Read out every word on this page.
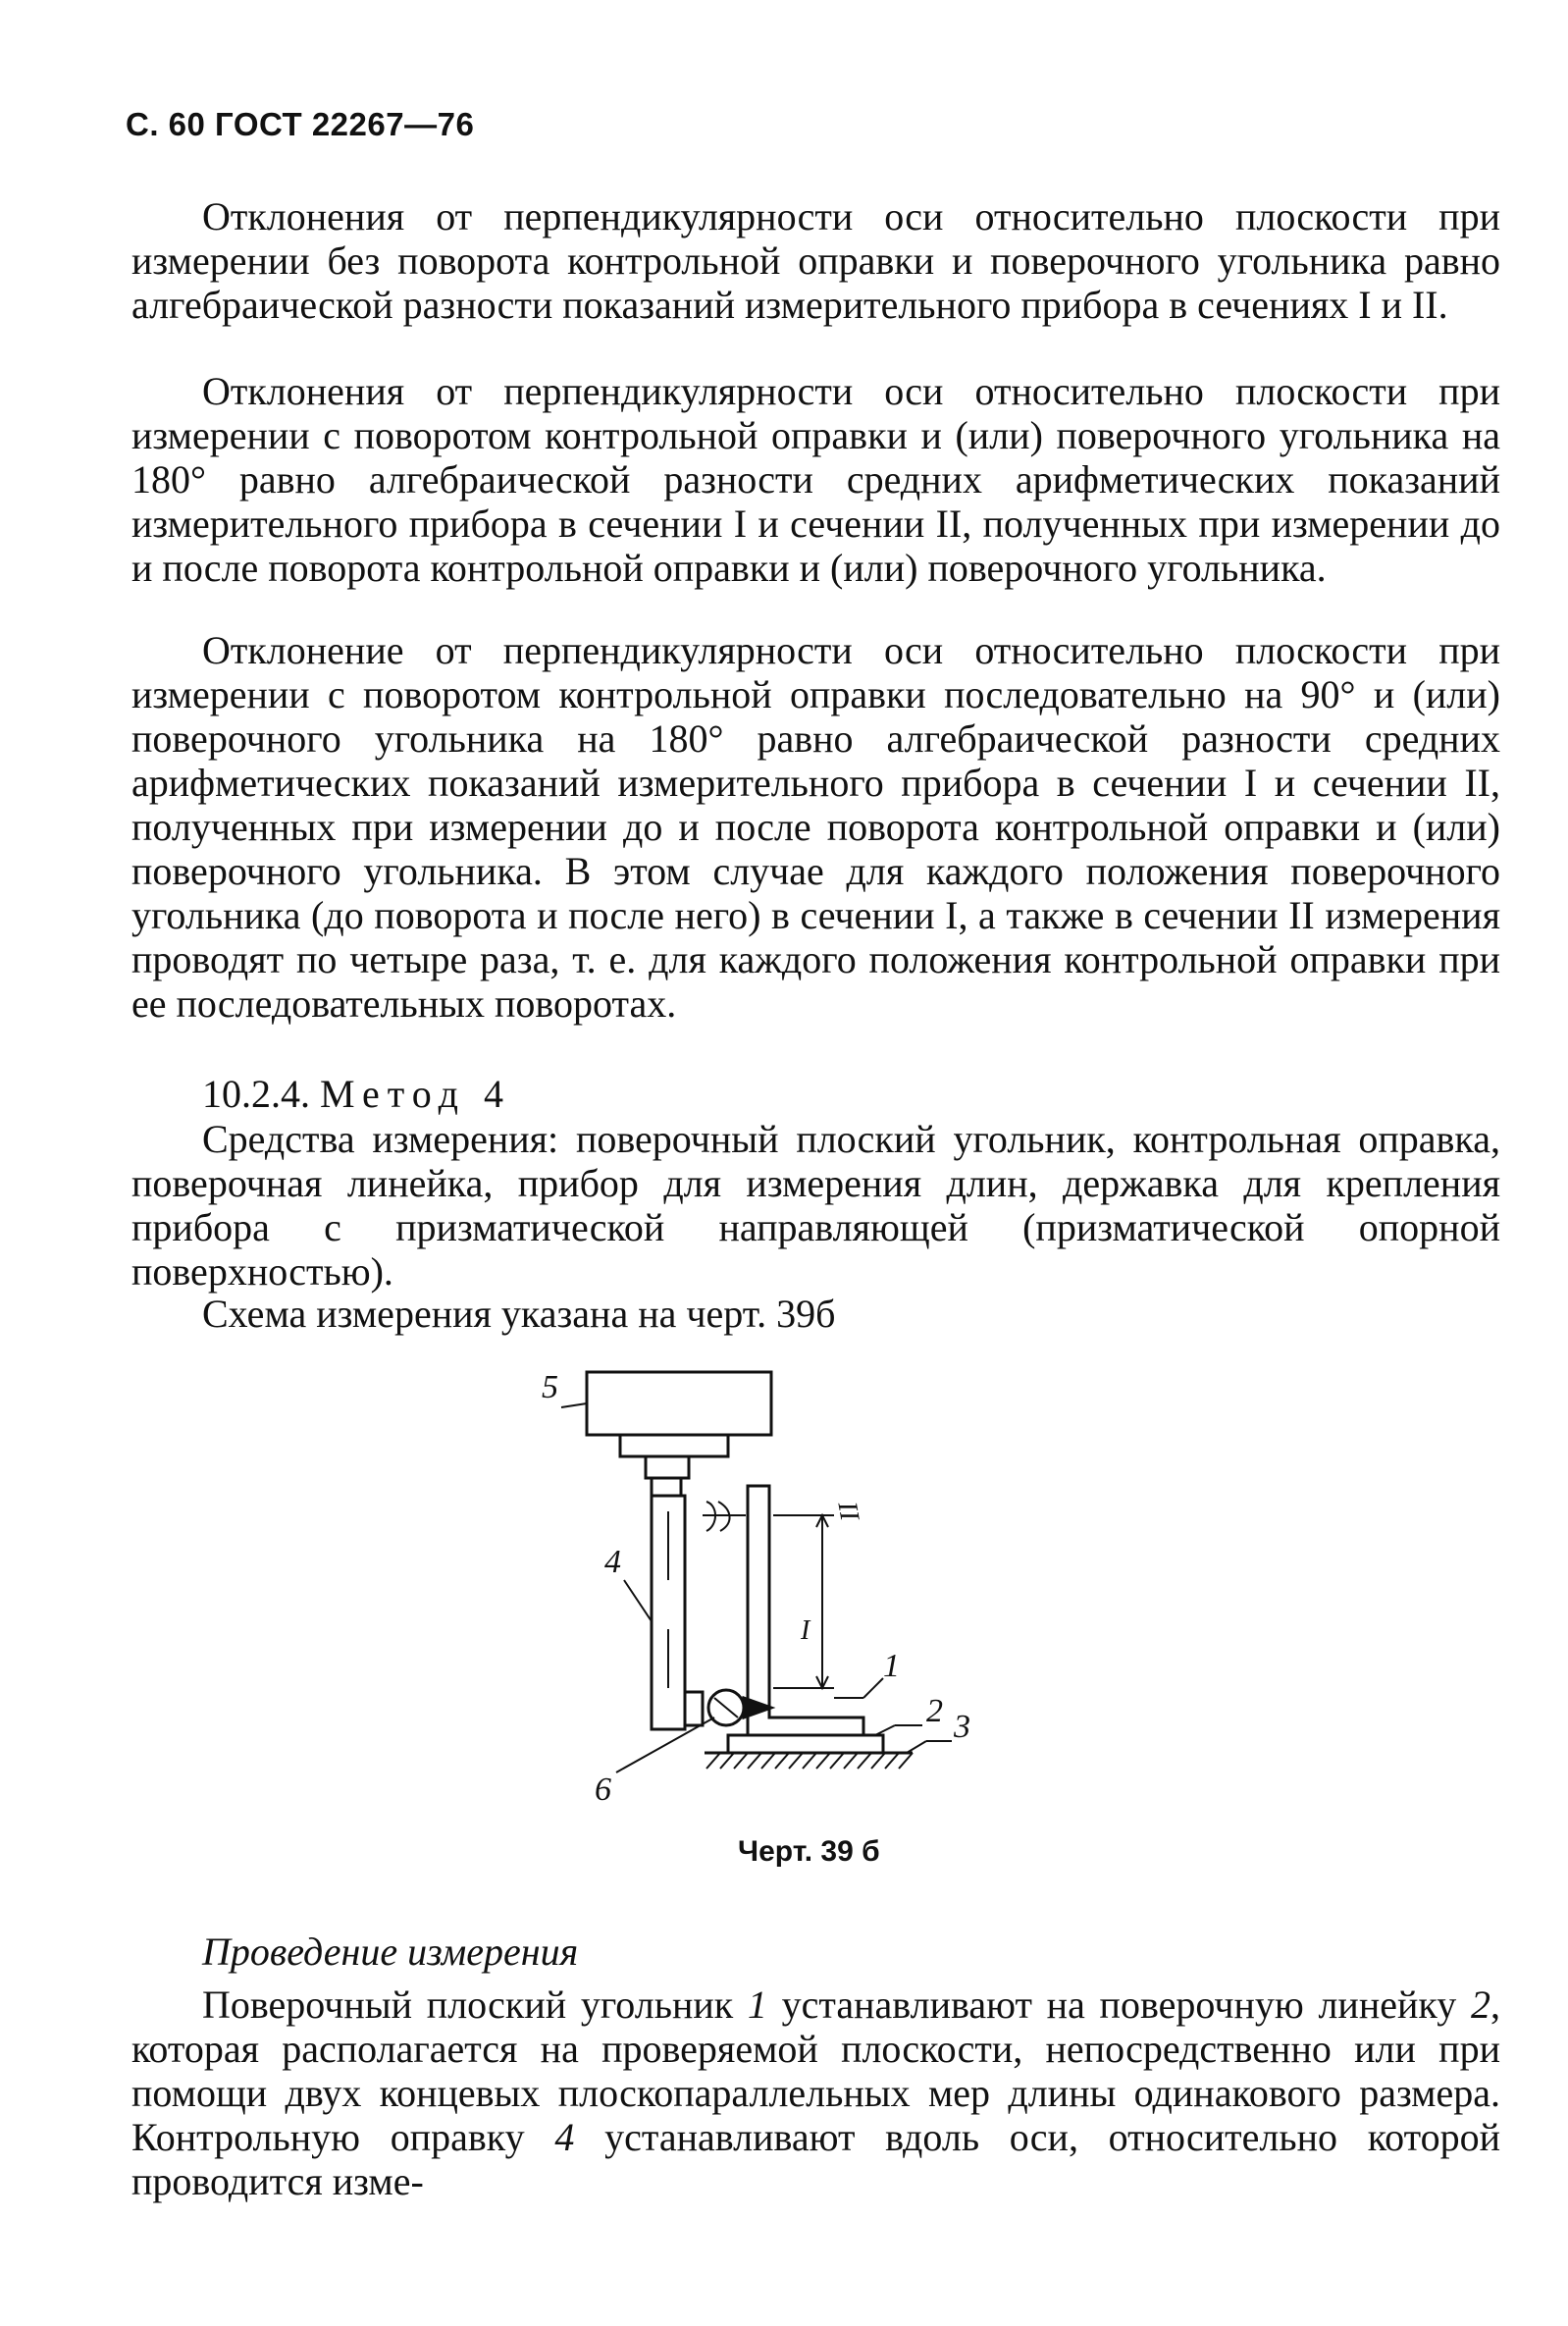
С. 60 ГОСТ 22267—76

Отклонения от перпендикулярности оси относительно плоскости при измерении без поворота контрольной оправки и поверочного угольника равно алгебраической разности показаний измерительного прибора в сечениях I и II.

Отклонения от перпендикулярности оси относительно плоскости при измерении с поворотом контрольной оправки и (или) поверочного угольника на 180° равно алгебраической разности средних арифметических показаний измерительного прибора в сечении I и сечении II, полученных при измерении до и после поворота контрольной оправки и (или) поверочного угольника.

Отклонение от перпендикулярности оси относительно плоскости при измерении с поворотом контрольной оправки последовательно на 90° и (или) поверочного угольника на 180° равно алгебраической разности средних арифметических показаний измерительного прибора в сечении I и сечении II, полученных при измерении до и после поворота контрольной оправки и (или) поверочного угольника. В этом случае для каждого положения поверочного угольника (до поворота и после него) в сечении I, а также в сечении II измерения проводят по четыре раза, т. е. для каждого положения контрольной оправки при ее последовательных поворотах.

10.2.4. Метод 4

Средства измерения: поверочный плоский угольник, контрольная оправка, поверочная линейка, прибор для измерения длин, державка для крепления прибора с призматической направляющей (призматической опорной поверхностью).

Схема измерения указана на черт. 39б
5
4
6
1
2 3
I
II
Черт. 39 б
Проведение измерения

Поверочный плоский угольник 1 устанавливают на поверочную линейку 2, которая располагается на проверяемой плоскости, непосредственно или при помощи двух концевых плоскопараллельных мер длины одинакового размера. Контрольную оправку 4 устанавливают вдоль оси, относительно которой проводится изме-
